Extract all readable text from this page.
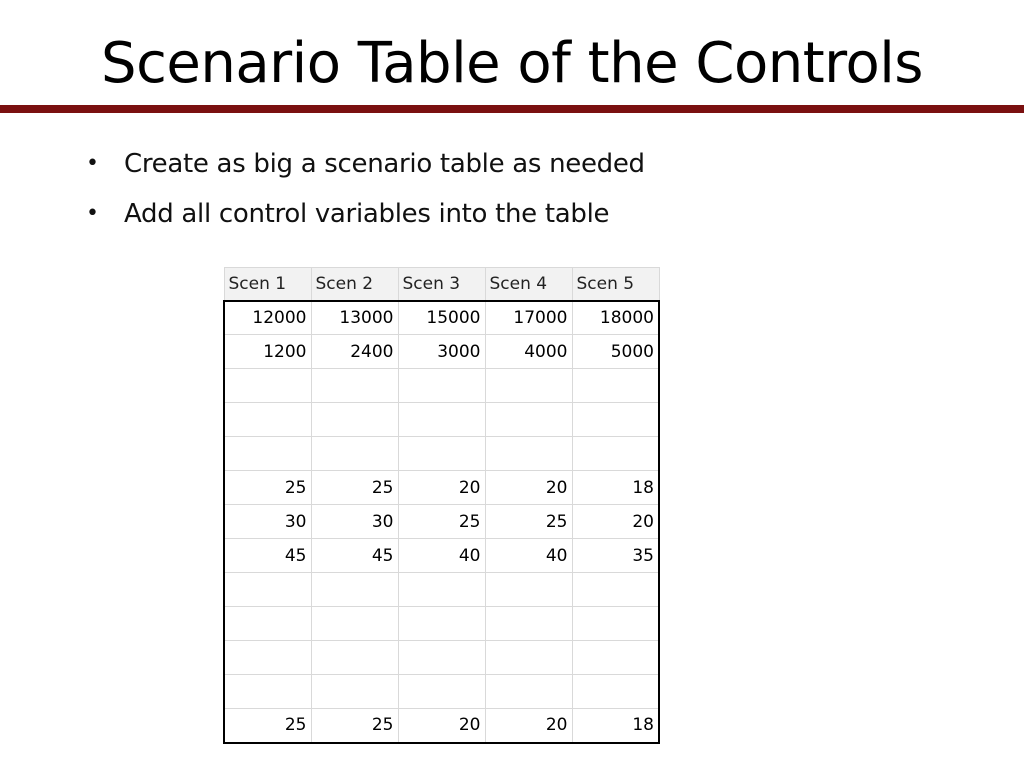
Scenario Table of the Controls
• Create as big a scenario table as needed
• Add all control variables into the table
Scen 1	Scen 2	Scen 3	Scen 4	Scen 5
12000	13000	15000	17000	18000
1200	2400	3000	4000	5000

25	25	20	20	18
30	30	25	25	20
45	45	40	40	35

25	25	20	20	18
